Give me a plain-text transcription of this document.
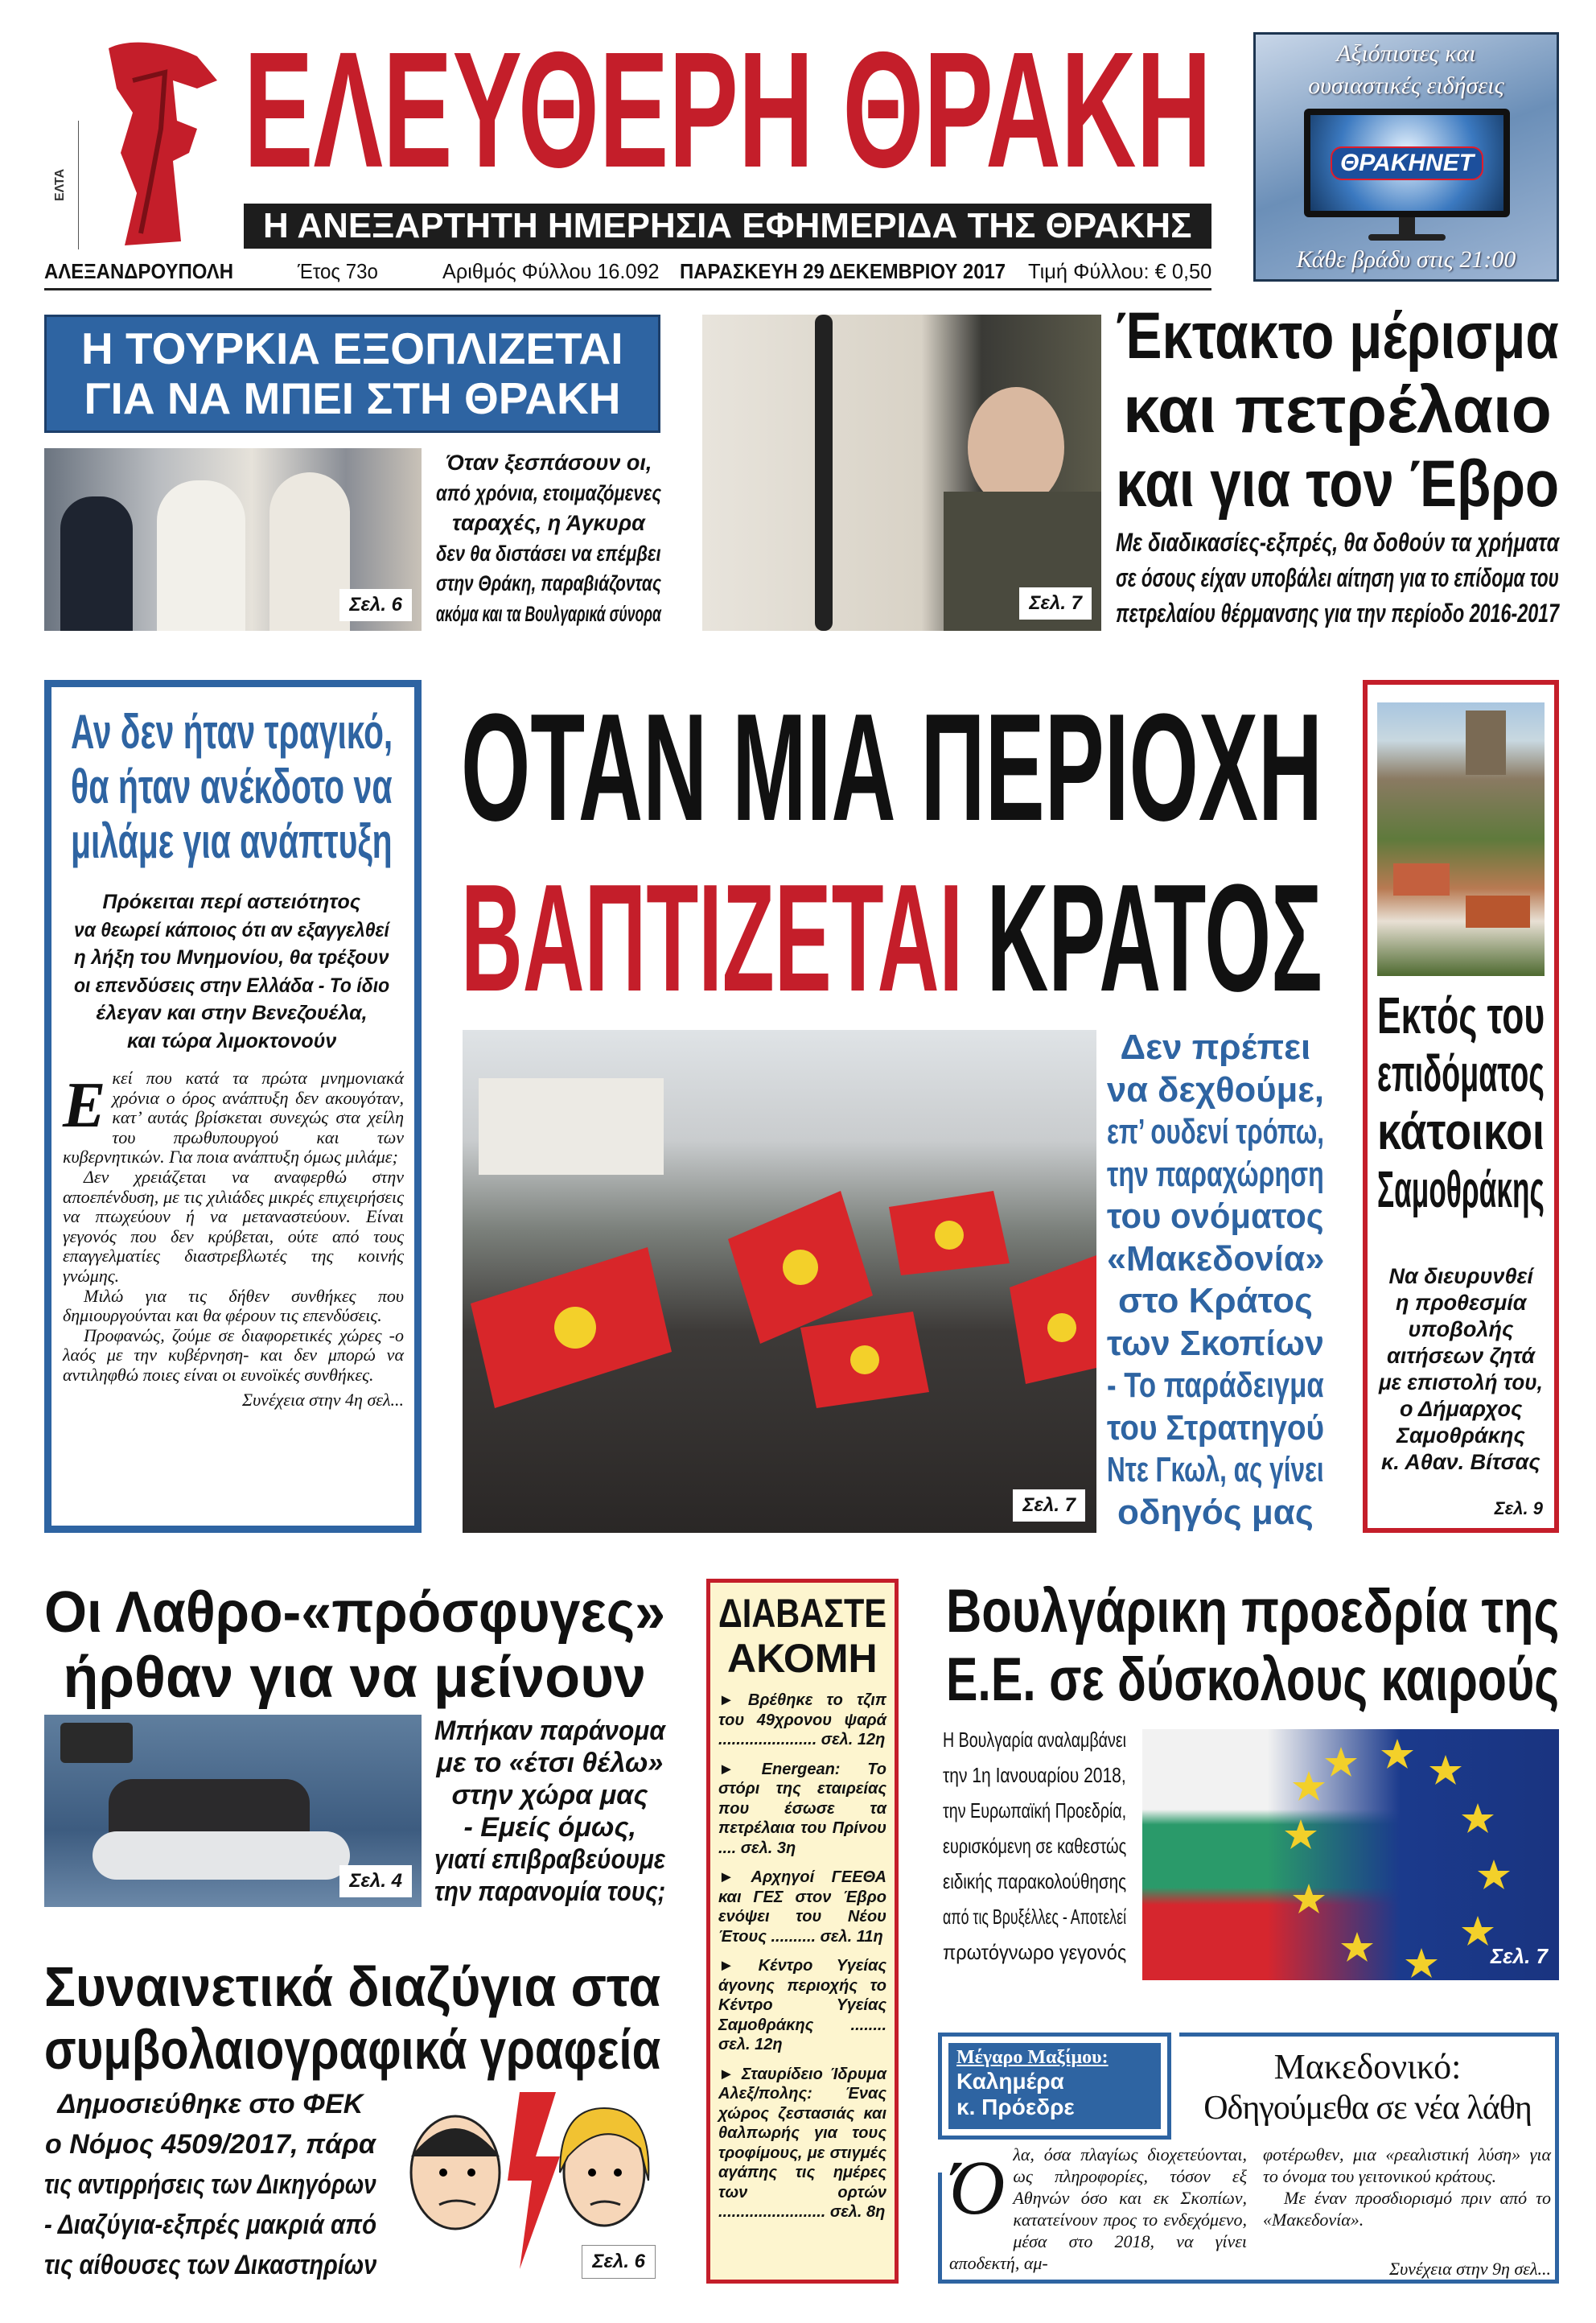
ΕΛΤΑ ΕΛΕΥΘΕΡΗ ΘΡΑΚΗ
Η ΑΝΕΞΑΡΤΗΤΗ ΗΜΕΡΗΣΙΑ ΕΦΗΜΕΡΙΔΑ ΤΗΣ ΘΡΑΚΗΣ
ΑΛΕΞΑΝΔΡΟΥΠΟΛΗ	Έτος 73ο	Αριθμός Φύλλου 16.092 ΠΑΡΑΣΚΕΥΗ 29 ΔΕΚΕΜΒΡΙΟΥ 2017 Τιμή Φύλλου: € 0,50
Αξιόπιστες και
ουσιαστικές ειδήσεις
ΘΡΑΚΗNET
Κάθε βράδυ στις 21:00
Η ΤΟΥΡΚΙΑ ΕΞΟΠΛΙΖΕΤΑΙ
ΓΙΑ ΝΑ ΜΠΕΙ ΣΤΗ ΘΡΑΚΗ
Σελ. 6
Όταν ξεσπάσουν οι,
από χρόνια, ετοιμαζόμενες
ταραχές, η Άγκυρα
δεν θα διστάσει να επέμβει
στην Θράκη, παραβιάζοντας
ακόμα και τα Βουλγαρικά σύνορα	Σελ. 7
Έκτακτο μέρισμα
και πετρέλαιο
και για τον Έβρο
Με διαδικασίες-εξπρές, θα δοθούν τα χρήματα
σε όσους είχαν υποβάλει αίτηση για το επίδομα του
πετρελαίου θέρμανσης για την περίοδο 2016-2017
Αν δεν ήταν τραγικό,
θα ήταν ανέκδοτο να
μιλάμε για ανάπτυξη
Πρόκειται περί αστειότητος
να θεωρεί κάποιος ότι αν εξαγγελθεί
η λήξη του Μνημονίου, θα τρέξουν
οι επενδύσεις στην Ελλάδα - Το ίδιο
έλεγαν και στην Βενεζουέλα,
και τώρα λιμοκτονούν

Εκεί που κατά τα πρώτα μνημονιακά χρόνια ο όρος ανάπτυξη δεν ακουγόταν, κατ’ αυτάς βρίσκεται συνεχώς στα χείλη του πρωθυπουργού και των κυβερνητικών. Για ποια ανάπτυξη όμως μιλάμε;

Δεν χρειάζεται να αναφερθώ στην αποεπένδυση, με τις χιλιάδες μικρές επιχειρήσεις να πτωχεύουν ή να μεταναστεύουν. Είναι γεγονός που δεν κρύβεται, ούτε από τους επαγγελματίες διαστρεβλωτές της κοινής γνώμης.

Μιλώ για τις δήθεν συνθήκες που δημιουργούνται και θα φέρουν τις επενδύσεις.

Προφανώς, ζούμε σε διαφορετικές χώρες -ο λαός με την κυβέρνηση- και δεν μπορώ να αντιληφθώ ποιες είναι οι ευνοϊκές συνθήκες.

Συνέχεια στην 4η σελ...
ΟΤΑΝ ΜΙΑ ΠΕΡΙΟΧΗ
ΒΑΠΤΙΖΕΤΑΙ ΚΡΑΤΟΣ
Σελ. 7
Δεν πρέπει
να δεχθούμε,
επ’ ουδενί τρόπω,
την παραχώρηση
του ονόματος
«Μακεδονία»
στο Κράτος
των Σκοπίων
- Το παράδειγμα
του Στρατηγού
Ντε Γκωλ, ας γίνει
οδηγός μας
Εκτός του
επιδόματος
κάτοικοι
Σαμοθράκης
Να διευρυνθεί
η προθεσμία
υποβολής
αιτήσεων ζητά
με επιστολή του,
ο Δήμαρχος
Σαμοθράκης
κ. Αθαν. Βίτσας
Σελ. 9
Οι Λαθρο-«πρόσφυγες»
ήρθαν για να μείνουν
Σελ. 4
Μπήκαν παράνομα
με το «έτσι θέλω»
στην χώρα μας
- Εμείς όμως,
γιατί επιβραβεύουμε
την παρανομία τους;
Συναινετικά διαζύγια στα
συμβολαιογραφικά γραφεία
Δημοσιεύθηκε στο ΦΕΚ
ο Νόμος 4509/2017, πάρα
τις αντιρρήσεις των Δικηγόρων
- Διαζύγια-εξπρές μακριά από
τις αίθουσες των Δικαστηρίων	Σελ. 6
ΔΙΑΒΑΣΤΕ
ΑΚΟΜΗ

► Βρέθηκε το τζιπ του 49χρονου ψαρά ...................... σελ. 12η

► Energean: Το στόρι της εταιρείας που έσωσε τα πετρέλαια του Πρίνου .... σελ. 3η

► Αρχηγοί ΓΕΕΘΑ και ΓΕΣ στον Έβρο ενόψει του Νέου Έτους .......... σελ. 11η

► Κέντρο Υγείας άγονης περιοχής το Κέντρο Υγείας Σαμοθράκης ........ σελ. 12η

► Σταυρίδειο Ίδρυμα Αλεξ/πολης: Ένας χώρος ζεστασιάς και θαλπωρής για τους τροφίμους, με στιγμές αγάπης τις ημέρες των ορτών ........................ σελ. 8η

Βουλγάρικη προεδρία της
Ε.Ε. σε δύσκολους καιρούς
Η Βουλγαρία αναλαμβάνει
την 1η Ιανουαρίου 2018,
την Ευρωπαϊκή Προεδρία,
ευρισκόμενη σε καθεστώς
ειδικής παρακολούθησης
από τις Βρυξέλλες - Αποτελεί
πρωτόγνωρο γεγονός	Σελ. 7
Μέγαρο Μαξίμου:
Καλημέρα
κ. Πρόεδρε
Μακεδονικό:
Οδηγούμεθα σε νέα λάθη
Όλα, όσα πλαγίως διοχετεύονται, ως πληροφορίες, τόσον εξ Αθηνών όσο και εκ Σκοπίων, κατατείνουν προς το ενδεχόμενο, μέσα στο 2018, να γίνει αποδεκτή, αμ-
φοτέρωθεν, μια «ρεαλιστική λύση» για το όνομα του γειτονικού κράτους.
Με έναν προσδιορισμό πριν από το «Μακεδονία».
Συνέχεια στην 9η σελ...
